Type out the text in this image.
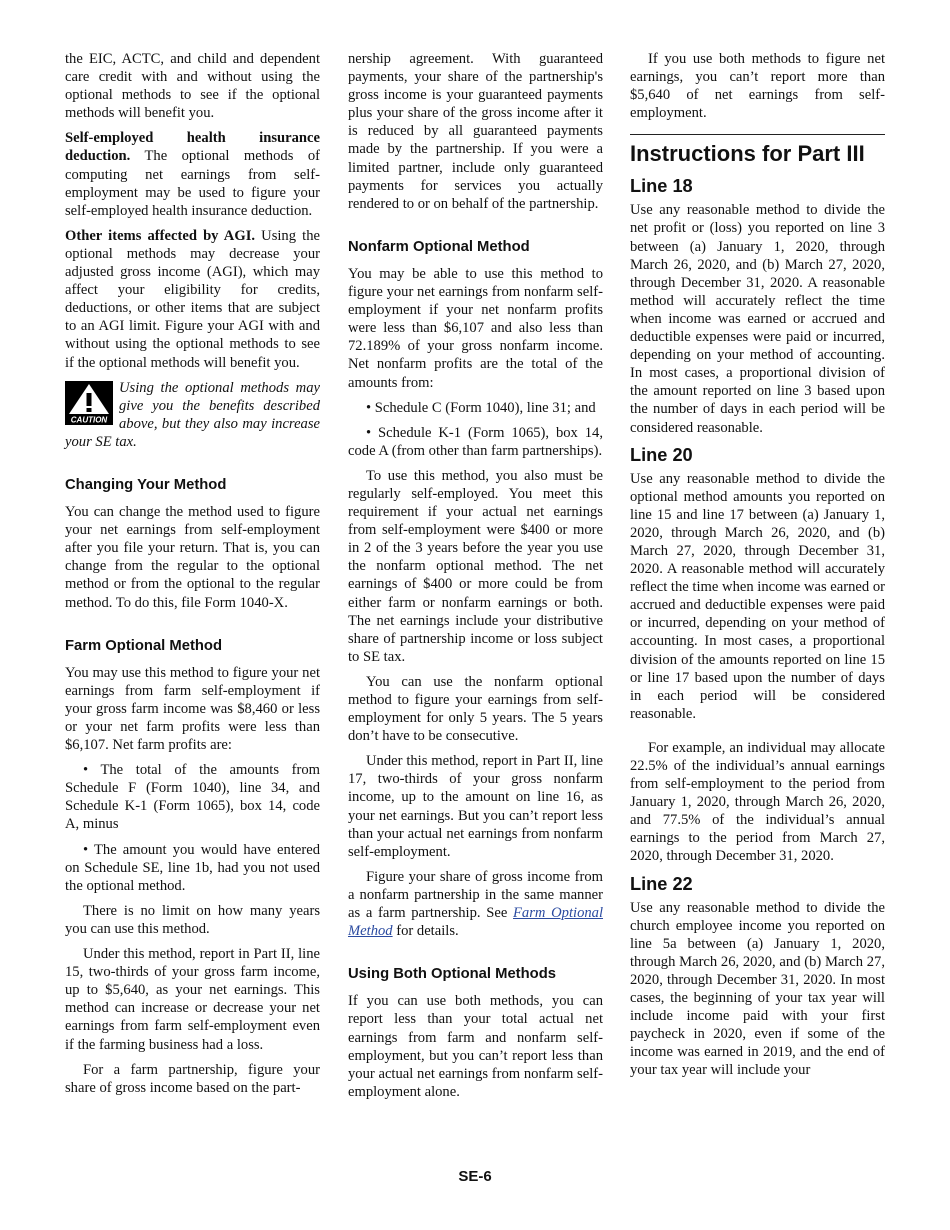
the EIC, ACTC, and child and dependent care credit with and without using the optional methods to see if the optional methods will benefit you.

Self-employed health insurance deduction. The optional methods of computing net earnings from self-employment may be used to figure your self-employed health insurance deduction.

Other items affected by AGI. Using the optional methods may decrease your adjusted gross income (AGI), which may affect your eligibility for credits, deductions, or other items that are subject to an AGI limit. Figure your AGI with and without using the optional methods to see if the optional methods will benefit you.

CAUTION

Using the optional methods may give you the benefits described above, but they also may increase your SE tax.

Changing Your Method

You can change the method used to figure your net earnings from self-employment after you file your return. That is, you can change from the regular to the optional method or from the optional to the regular method. To do this, file Form 1040-X.

Farm Optional Method

You may use this method to figure your net earnings from farm self-employment if your gross farm income was $8,460 or less or your net farm profits were less than $6,107. Net farm profits are:

• The total of the amounts from Schedule F (Form 1040), line 34, and Schedule K-1 (Form 1065), box 14, code A, minus

• The amount you would have entered on Schedule SE, line 1b, had you not used the optional method.

There is no limit on how many years you can use this method.

Under this method, report in Part II, line 15, two-thirds of your gross farm income, up to $5,640, as your net earnings. This method can increase or decrease your net earnings from farm self-employment even if the farming business had a loss.

For a farm partnership, figure your share of gross income based on the part-

nership agreement. With guaranteed payments, your share of the partnership's gross income is your guaranteed payments plus your share of the gross income after it is reduced by all guaranteed payments made by the partnership. If you were a limited partner, include only guaranteed payments for services you actually rendered to or on behalf of the partnership.

Nonfarm Optional Method

You may be able to use this method to figure your net earnings from nonfarm self-employment if your net nonfarm profits were less than $6,107 and also less than 72.189% of your gross nonfarm income. Net nonfarm profits are the total of the amounts from:

• Schedule C (Form 1040), line 31; and

• Schedule K-1 (Form 1065), box 14, code A (from other than farm partnerships).

To use this method, you also must be regularly self-employed. You meet this requirement if your actual net earnings from self-employment were $400 or more in 2 of the 3 years before the year you use the nonfarm optional method. The net earnings of $400 or more could be from either farm or nonfarm earnings or both. The net earnings include your distributive share of partnership income or loss subject to SE tax.

You can use the nonfarm optional method to figure your earnings from self-employment for only 5 years. The 5 years don’t have to be consecutive.

Under this method, report in Part II, line 17, two-thirds of your gross nonfarm income, up to the amount on line 16, as your net earnings. But you can’t report less than your actual net earnings from nonfarm self-employment.

Figure your share of gross income from a nonfarm partnership in the same manner as a farm partnership. See Farm Optional Method for details.

Using Both Optional Methods

If you can use both methods, you can report less than your total actual net earnings from farm and nonfarm self-employment, but you can’t report less than your actual net earnings from nonfarm self-employment alone.

If you use both methods to figure net earnings, you can’t report more than $5,640 of net earnings from self-employment.

Instructions for Part III
Line 18

Use any reasonable method to divide the net profit or (loss) you reported on line 3 between (a) January 1, 2020, through March 26, 2020, and (b) March 27, 2020, through December 31, 2020. A reasonable method will accurately reflect the time when income was earned or accrued and deductible expenses were paid or incurred, depending on your method of accounting. In most cases, a proportional division of the amount reported on line 3 based upon the number of days in each period will be considered reasonable.

Line 20

Use any reasonable method to divide the optional method amounts you reported on line 15 and line 17 between (a) January 1, 2020, through March 26, 2020, and (b) March 27, 2020, through December 31, 2020. A reasonable method will accurately reflect the time when income was earned or accrued and deductible expenses were paid or incurred, depending on your method of accounting. In most cases, a proportional division of the amounts reported on line 15 or line 17 based upon the number of days in each period will be considered reasonable.

For example, an individual may allocate 22.5% of the individual’s annual earnings from self-employment to the period from January 1, 2020, through March 26, 2020, and 77.5% of the individual’s annual earnings to the period from March 27, 2020, through December 31, 2020.

Line 22

Use any reasonable method to divide the church employee income you reported on line 5a between (a) January 1, 2020, through March 26, 2020, and (b) March 27, 2020, through December 31, 2020. In most cases, the beginning of your tax year will include income paid with your first paycheck in 2020, even if some of the income was earned in 2019, and the end of your tax year will include your

SE-6
